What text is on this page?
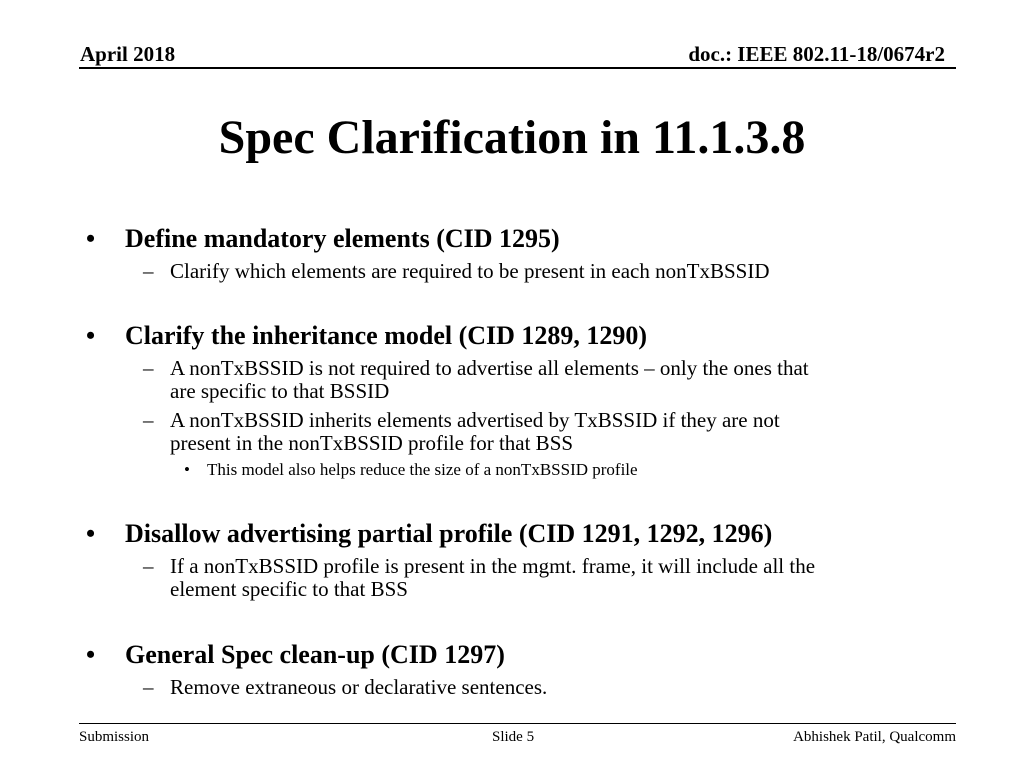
April 2018	doc.: IEEE 802.11-18/0674r2
Spec Clarification in 11.1.3.8
• Define mandatory elements (CID 1295)
– Clarify which elements are required to be present in each nonTxBSSID
• Clarify the inheritance model (CID 1289, 1290)
– A nonTxBSSID is not required to advertise all elements – only the ones that
are specific to that BSSID
– A nonTxBSSID inherits elements advertised by TxBSSID if they are not
present in the nonTxBSSID profile for that BSS
• This model also helps reduce the size of a nonTxBSSID profile
• Disallow advertising partial profile (CID 1291, 1292, 1296)
– If a nonTxBSSID profile is present in the mgmt. frame, it will include all the
element specific to that BSS
• General Spec clean-up (CID 1297)
– Remove extraneous or declarative sentences.
Submission	Slide 5	Abhishek Patil, Qualcomm
